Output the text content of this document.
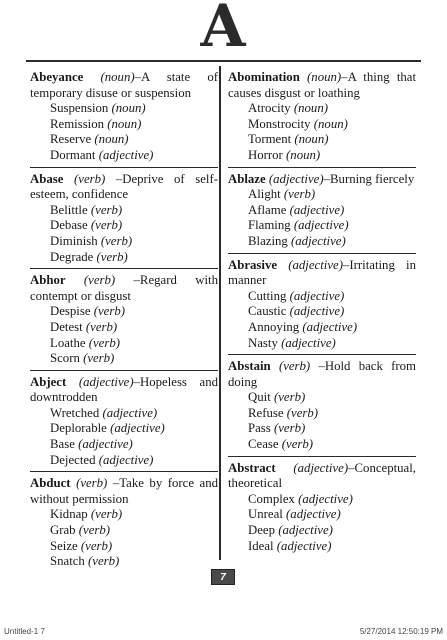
A
Abeyance (noun)–A state of temporary disuse or suspension
Suspension (noun)
Remission (noun)
Reserve (noun)
Dormant (adjective)
Abase (verb) –Deprive of self-esteem, confidence
Belittle (verb)
Debase (verb)
Diminish (verb)
Degrade (verb)
Abhor (verb) –Regard with contempt or disgust
Despise (verb)
Detest (verb)
Loathe (verb)
Scorn (verb)
Abject (adjective)–Hopeless and downtrodden
Wretched (adjective)
Deplorable (adjective)
Base (adjective)
Dejected (adjective)
Abduct (verb) –Take by force and without permission
Kidnap (verb)
Grab (verb)
Seize (verb)
Snatch (verb)
Abomination (noun)–A thing that causes disgust or loathing
Atrocity (noun)
Monstrocity (noun)
Torment (noun)
Horror (noun)
Ablaze (adjective)–Burning fiercely
Alight (verb)
Aflame (adjective)
Flaming (adjective)
Blazing (adjective)
Abrasive (adjective)–Irritating in manner
Cutting (adjective)
Caustic (adjective)
Annoying (adjective)
Nasty (adjective)
Abstain (verb) –Hold back from doing
Quit (verb)
Refuse (verb)
Pass (verb)
Cease (verb)
Abstract (adjective)–Conceptual, theoretical
Complex (adjective)
Unreal (adjective)
Deep (adjective)
Ideal (adjective)
7
Untitled-1 7	5/27/2014 12:50:19 PM
